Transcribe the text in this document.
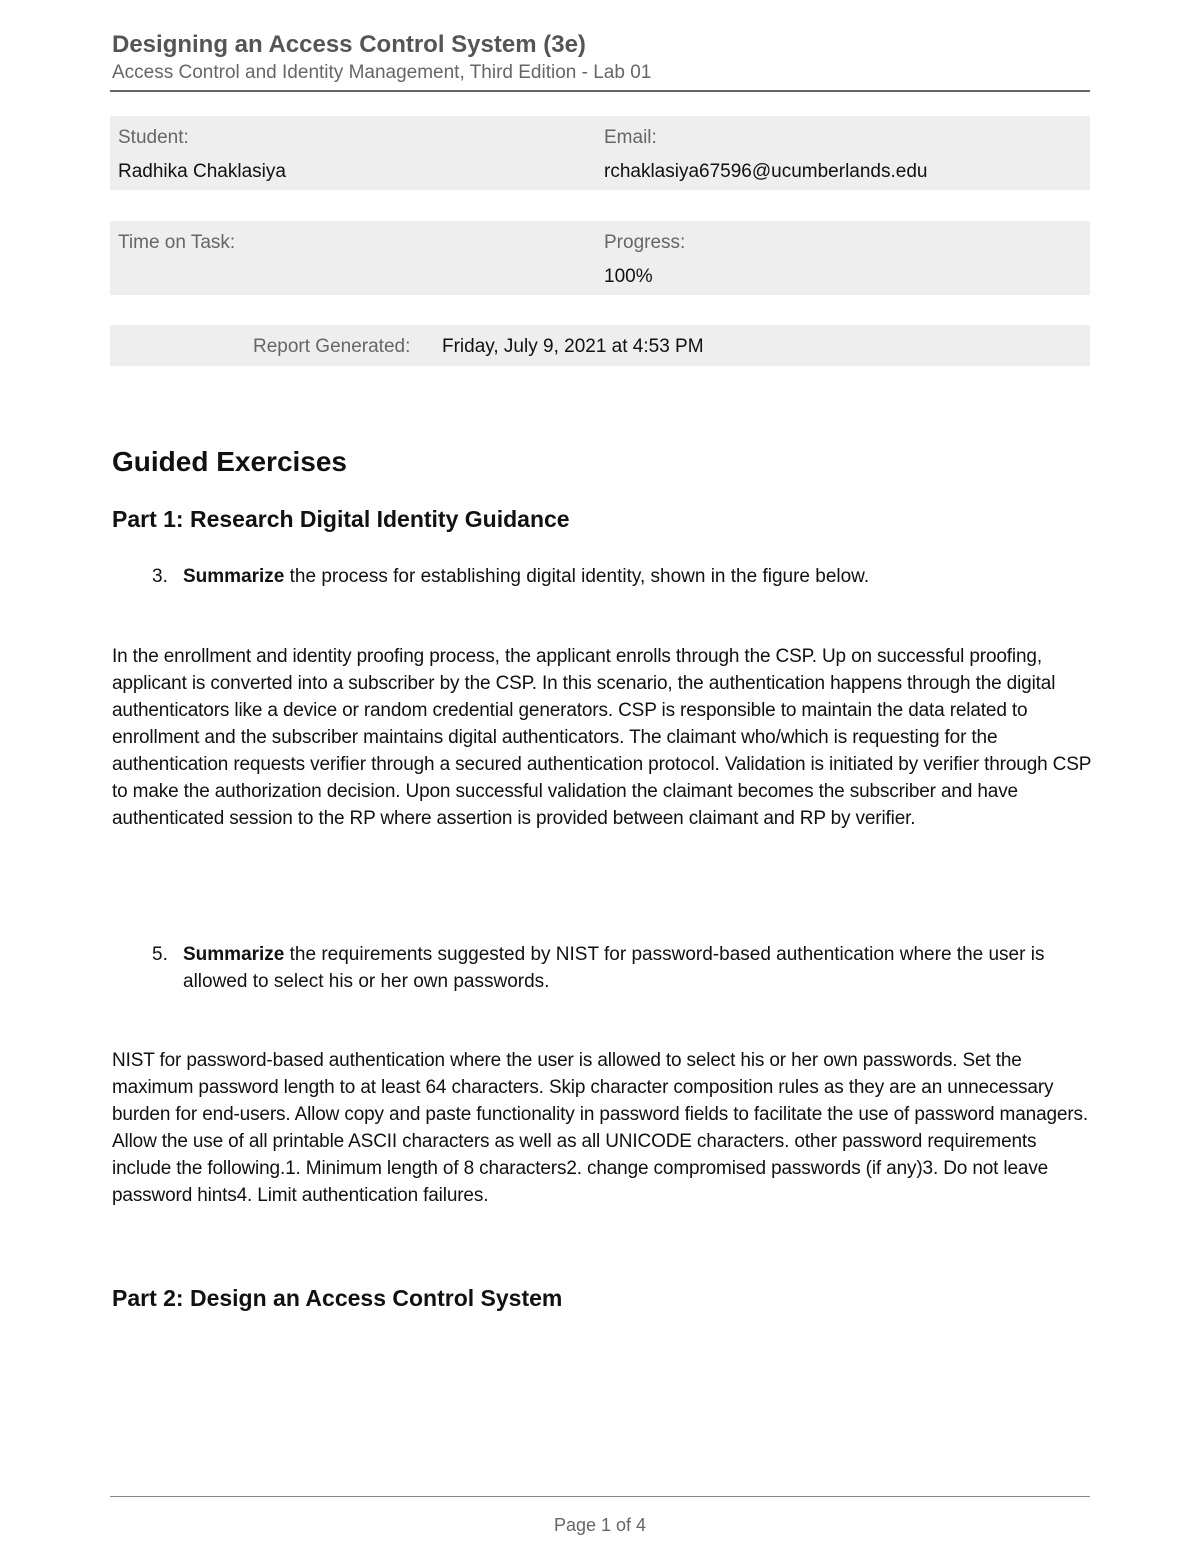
Designing an Access Control System (3e)
Access Control and Identity Management, Third Edition - Lab 01
Student:
Radhika Chaklasiya
Email:
rchaklasiya67596@ucumberlands.edu
Time on Task:	Progress:
100%
Report Generated: Friday, July 9, 2021 at 4:53 PM
Guided Exercises
Part 1: Research Digital Identity Guidance
3. Summarize the process for establishing digital identity, shown in the figure below.
In the enrollment and identity proofing process, the applicant enrolls through the CSP. Up on successful proofing, applicant is converted into a subscriber by the CSP. In this scenario, the authentication happens through the digital authenticators like a device or random credential generators. CSP is responsible to maintain the data related to enrollment and the subscriber maintains digital authenticators. The claimant who/which is requesting for the authentication requests verifier through a secured authentication protocol. Validation is initiated by verifier through CSP to make the authorization decision. Upon successful validation the claimant becomes the subscriber and have authenticated session to the RP where assertion is provided between claimant and RP by verifier.
5. Summarize the requirements suggested by NIST for password-based authentication where the user is allowed to select his or her own passwords.
NIST for password-based authentication where the user is allowed to select his or her own passwords. Set the maximum password length to at least 64 characters. Skip character composition rules as they are an unnecessary burden for end-users. Allow copy and paste functionality in password fields to facilitate the use of password managers. Allow the use of all printable ASCII characters as well as all UNICODE characters. other password requirements include the following.1. Minimum length of 8 characters2. change compromised passwords (if any)3. Do not leave password hints4. Limit authentication failures.
Part 2: Design an Access Control System
Page 1 of 4
